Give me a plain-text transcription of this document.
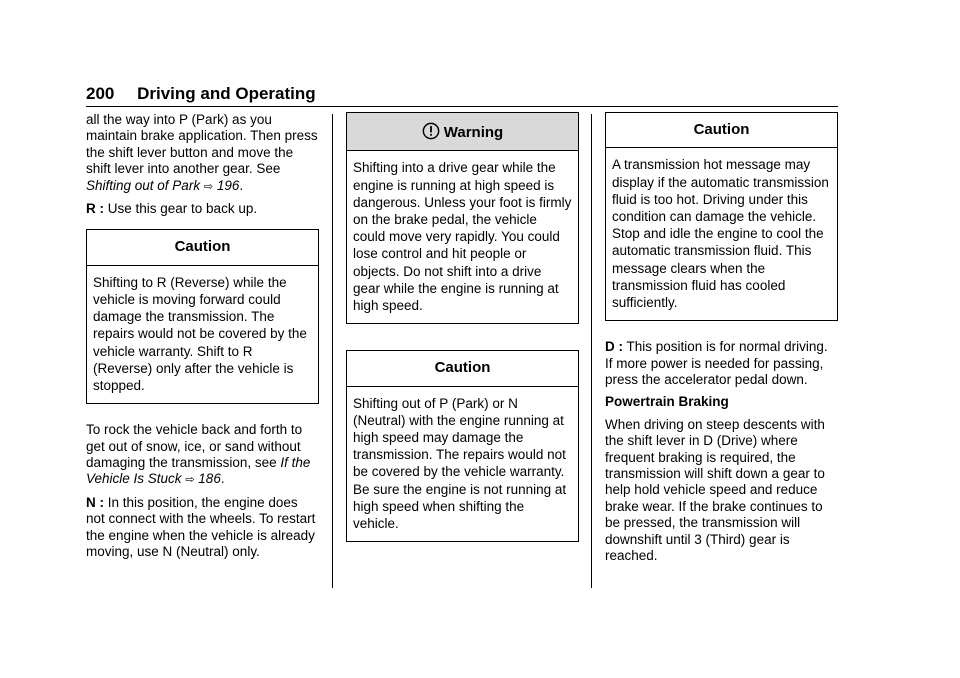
200 Driving and Operating

all the way into P (Park) as you maintain brake application. Then press the shift lever button and move the shift lever into another gear. See Shifting out of Park ⇨ 196.

R : Use this gear to back up.

Caution
Shifting to R (Reverse) while the vehicle is moving forward could damage the transmission. The repairs would not be covered by the vehicle warranty. Shift to R (Reverse) only after the vehicle is stopped.

To rock the vehicle back and forth to get out of snow, ice, or sand without damaging the transmission, see If the Vehicle Is Stuck ⇨ 186.

N : In this position, the engine does not connect with the wheels. To restart the engine when the vehicle is already moving, use N (Neutral) only.

Warning
Shifting into a drive gear while the engine is running at high speed is dangerous. Unless your foot is firmly on the brake pedal, the vehicle could move very rapidly. You could lose control and hit people or objects. Do not shift into a drive gear while the engine is running at high speed.
Caution
Shifting out of P (Park) or N (Neutral) with the engine running at high speed may damage the transmission. The repairs would not be covered by the vehicle warranty. Be sure the engine is not running at high speed when shifting the vehicle.
Caution
A transmission hot message may display if the automatic transmission fluid is too hot. Driving under this condition can damage the vehicle. Stop and idle the engine to cool the automatic transmission fluid. This message clears when the transmission fluid has cooled sufficiently.

D : This position is for normal driving. If more power is needed for passing, press the accelerator pedal down.

Powertrain Braking

When driving on steep descents with the shift lever in D (Drive) where frequent braking is required, the transmission will shift down a gear to help hold vehicle speed and reduce brake wear. If the brake continues to be pressed, the transmission will downshift until 3 (Third) gear is reached.
